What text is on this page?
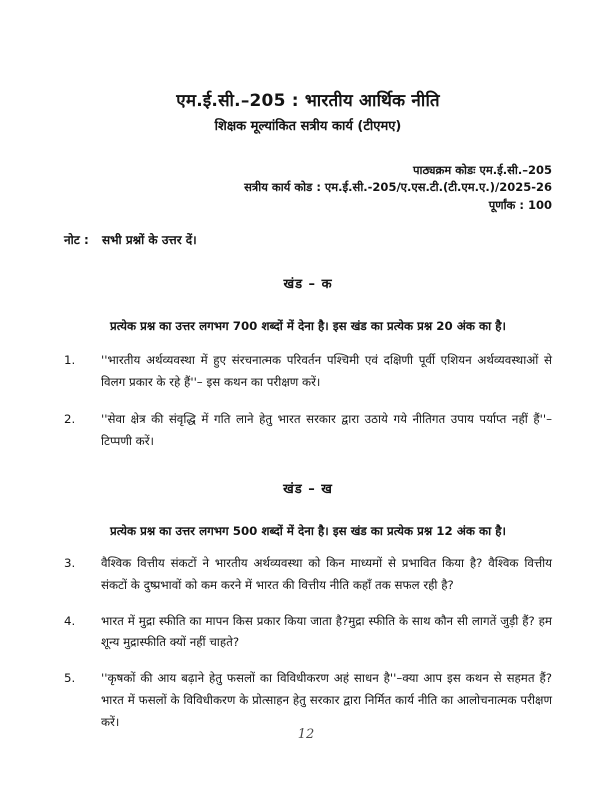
एम.ई.सी.–205 : भारतीय आर्थिक नीति
शिक्षक मूल्यांकित सत्रीय कार्य (टीएमए)
पाठ्यक्रम कोडः एम.ई.सी.–205
सत्रीय कार्य कोड : एम.ई.सी.-205/ए.एस.टी.(टी.एम.ए.)/2025-26
पूर्णांक : 100
नोट :	सभी प्रश्नों के उत्तर दें।
खंड – क
प्रत्येक प्रश्न का उत्तर लगभग 700 शब्दों में देना है। इस खंड का प्रत्येक प्रश्न 20 अंक का है।
1.	''भारतीय अर्थव्यवस्था में हुए संरचनात्मक परिवर्तन पश्चिमी एवं दक्षिणी पूर्वी एशियन अर्थव्यवस्थाओं से विलग प्रकार के रहे हैं''– इस कथन का परीक्षण करें।
2.	''सेवा क्षेत्र की संवृद्धि में गति लाने हेतु भारत सरकार द्वारा उठाये गये नीतिगत उपाय पर्याप्त नहीं हैं''–टिप्पणी करें।
खंड – ख
प्रत्येक प्रश्न का उत्तर लगभग 500 शब्दों में देना है। इस खंड का प्रत्येक प्रश्न 12 अंक का है।
3.	वैश्विक वित्तीय संकटों ने भारतीय अर्थव्यवस्था को किन माध्यमों से प्रभावित किया है? वैश्विक वित्तीय संकटों के दुष्प्रभावों को कम करने में भारत की वित्तीय नीति कहाँ तक सफल रही है?
4.	भारत में मुद्रा स्फीति का मापन किस प्रकार किया जाता है?मुद्रा स्फीति के साथ कौन सी लागतें जुड़ी हैं? हम शून्य मुद्रास्फीति क्यों नहीं चाहते?
5.	''कृषकों की आय बढ़ाने हेतु फसलों का विविधीकरण अहं साधन है''–क्या आप इस कथन से सहमत हैं? भारत में फसलों के विविधीकरण के प्रोत्साहन हेतु सरकार द्वारा निर्मित कार्य नीति का आलोचनात्मक परीक्षण करें।
12
